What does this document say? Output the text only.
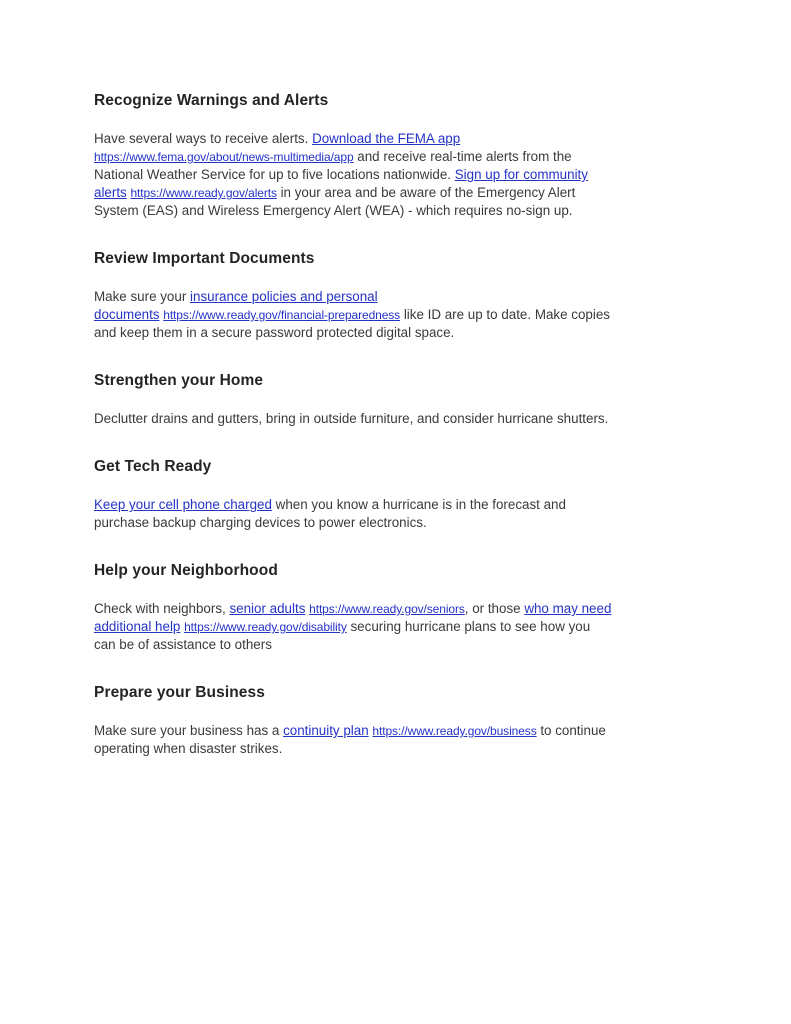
Recognize Warnings and Alerts

Have several ways to receive alerts. Download the FEMA app
https://www.fema.gov/about/news-multimedia/app and receive real-time alerts from the
National Weather Service for up to five locations nationwide. Sign up for community
alerts https://www.ready.gov/alerts in your area and be aware of the Emergency Alert
System (EAS) and Wireless Emergency Alert (WEA) - which requires no-sign up.

Review Important Documents

Make sure your insurance policies and personal
documents https://www.ready.gov/financial-preparedness like ID are up to date. Make copies
and keep them in a secure password protected digital space.

Strengthen your Home

Declutter drains and gutters, bring in outside furniture, and consider hurricane shutters.

Get Tech Ready

Keep your cell phone charged when you know a hurricane is in the forecast and
purchase backup charging devices to power electronics.

Help your Neighborhood

Check with neighbors, senior adults https://www.ready.gov/seniors, or those who may need
additional help https://www.ready.gov/disability securing hurricane plans to see how you
can be of assistance to others

Prepare your Business

Make sure your business has a continuity plan https://www.ready.gov/business to continue
operating when disaster strikes.
